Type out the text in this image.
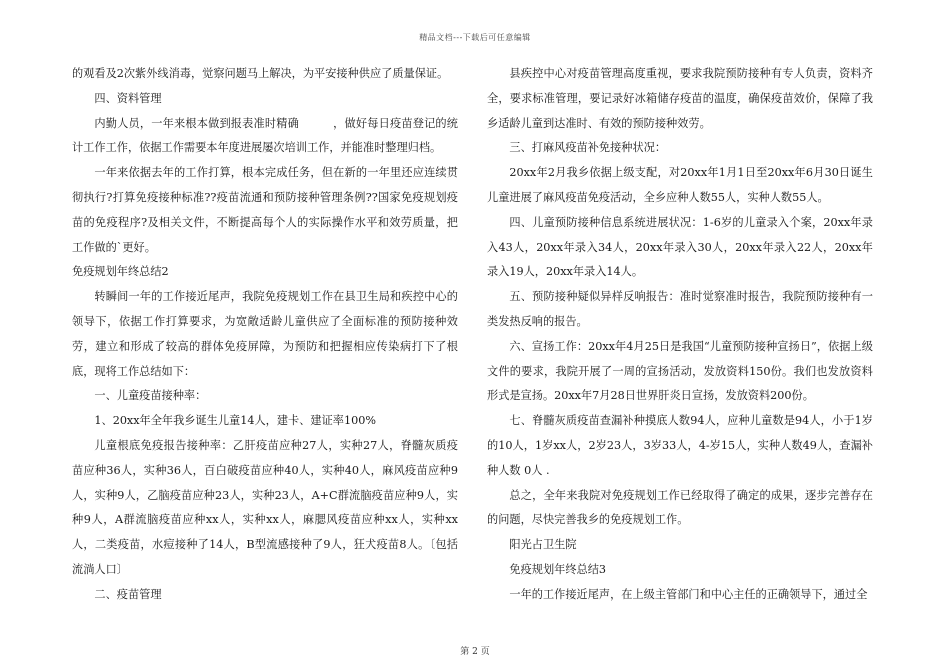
精品文档---下载后可任意编辑

的观看及2次紫外线消毒，觉察问题马上解决，为平安接种供应了质量保证。

四、资料管理

内勤人员，一年来根本做到报表准时精确　　　，做好每日疫苗登记的统计工作工作，依据工作需要本年度进展屡次培训工作，并能准时整理归档。

一年来依据去年的工作打算，根本完成任务，但在新的一年里还应连续贯彻执行?打算免疫接种标准??疫苗流通和预防接种管理条例??国家免疫规划疫苗的免疫程序?及相关文件，不断提高每个人的实际操作水平和效劳质量，把工作做的`更好。

免疫规划年终总结2

转瞬间一年的工作接近尾声，我院免疫规划工作在县卫生局和疾控中心的领导下，依据工作打算要求，为宽敞适龄儿童供应了全面标准的预防接种效劳，建立和形成了较高的群体免疫屏障，为预防和把握相应传染病打下了根底，现将工作总结如下：

一、儿童疫苗接种率：

1、20xx年全年我乡诞生儿童14人，建卡、建证率100%

儿童根底免疫报告接种率：乙肝疫苗应种27人，实种27人，脊髓灰质疫苗应种36人，实种36人，百白破疫苗应种40人，实种40人，麻风疫苗应种9人，实种9人，乙脑疫苗应种23人，实种23人，A+C群流脑疫苗应种9人，实种9人，A群流脑疫苗应种xx人，实种xx人，麻腮风疫苗应种xx人，实种xx人，二类疫苗，水痘接种了14人，B型流感接种了9人，狂犬疫苗8人。〔包括流淌人口〕

二、疫苗管理

县疾控中心对疫苗管理高度重视，要求我院预防接种有专人负责，资料齐全，要求标准管理，要记录好冰箱储存疫苗的温度，确保疫苗效价，保障了我乡适龄儿童到达准时、有效的预防接种效劳。

三、打麻风疫苗补免接种状况：

20xx年2月我乡依据上级支配，对20xx年1月1日至20xx年6月30日诞生儿童进展了麻风疫苗免疫活动，全乡应种人数55人，实种人数55人。

四、儿童预防接种信息系统进展状况：1-6岁的儿童录入个案，20xx年录入43人，20xx年录入34人，20xx年录入30人，20xx年录入22人，20xx年录入19人，20xx年录入14人。

五、预防接种疑似异样反响报告：准时觉察准时报告，我院预防接种有一类发热反响的报告。

六、宣扬工作：20xx年4月25日是我国“儿童预防接种宣扬日”，依据上级文件的要求，我院开展了一周的宣扬活动，发放资料150份。我们也发放资料形式是宣扬。20xx年7月28日世界肝炎日宣扬，发放资料200份。

七、脊髓灰质疫苗查漏补种摸底人数94人，应种儿童数是94人，小于1岁的10人，1岁xx人，2岁23人，3岁33人，4-岁15人，实种人数49人，查漏补种人数 0人 .

总之，全年来我院对免疫规划工作已经取得了确定的成果，逐步完善存在的问题，尽快完善我乡的免疫规划工作。

阳光占卫生院

免疫规划年终总结3

一年的工作接近尾声，在上级主管部门和中心主任的正确领导下，通过全

第 2 页
